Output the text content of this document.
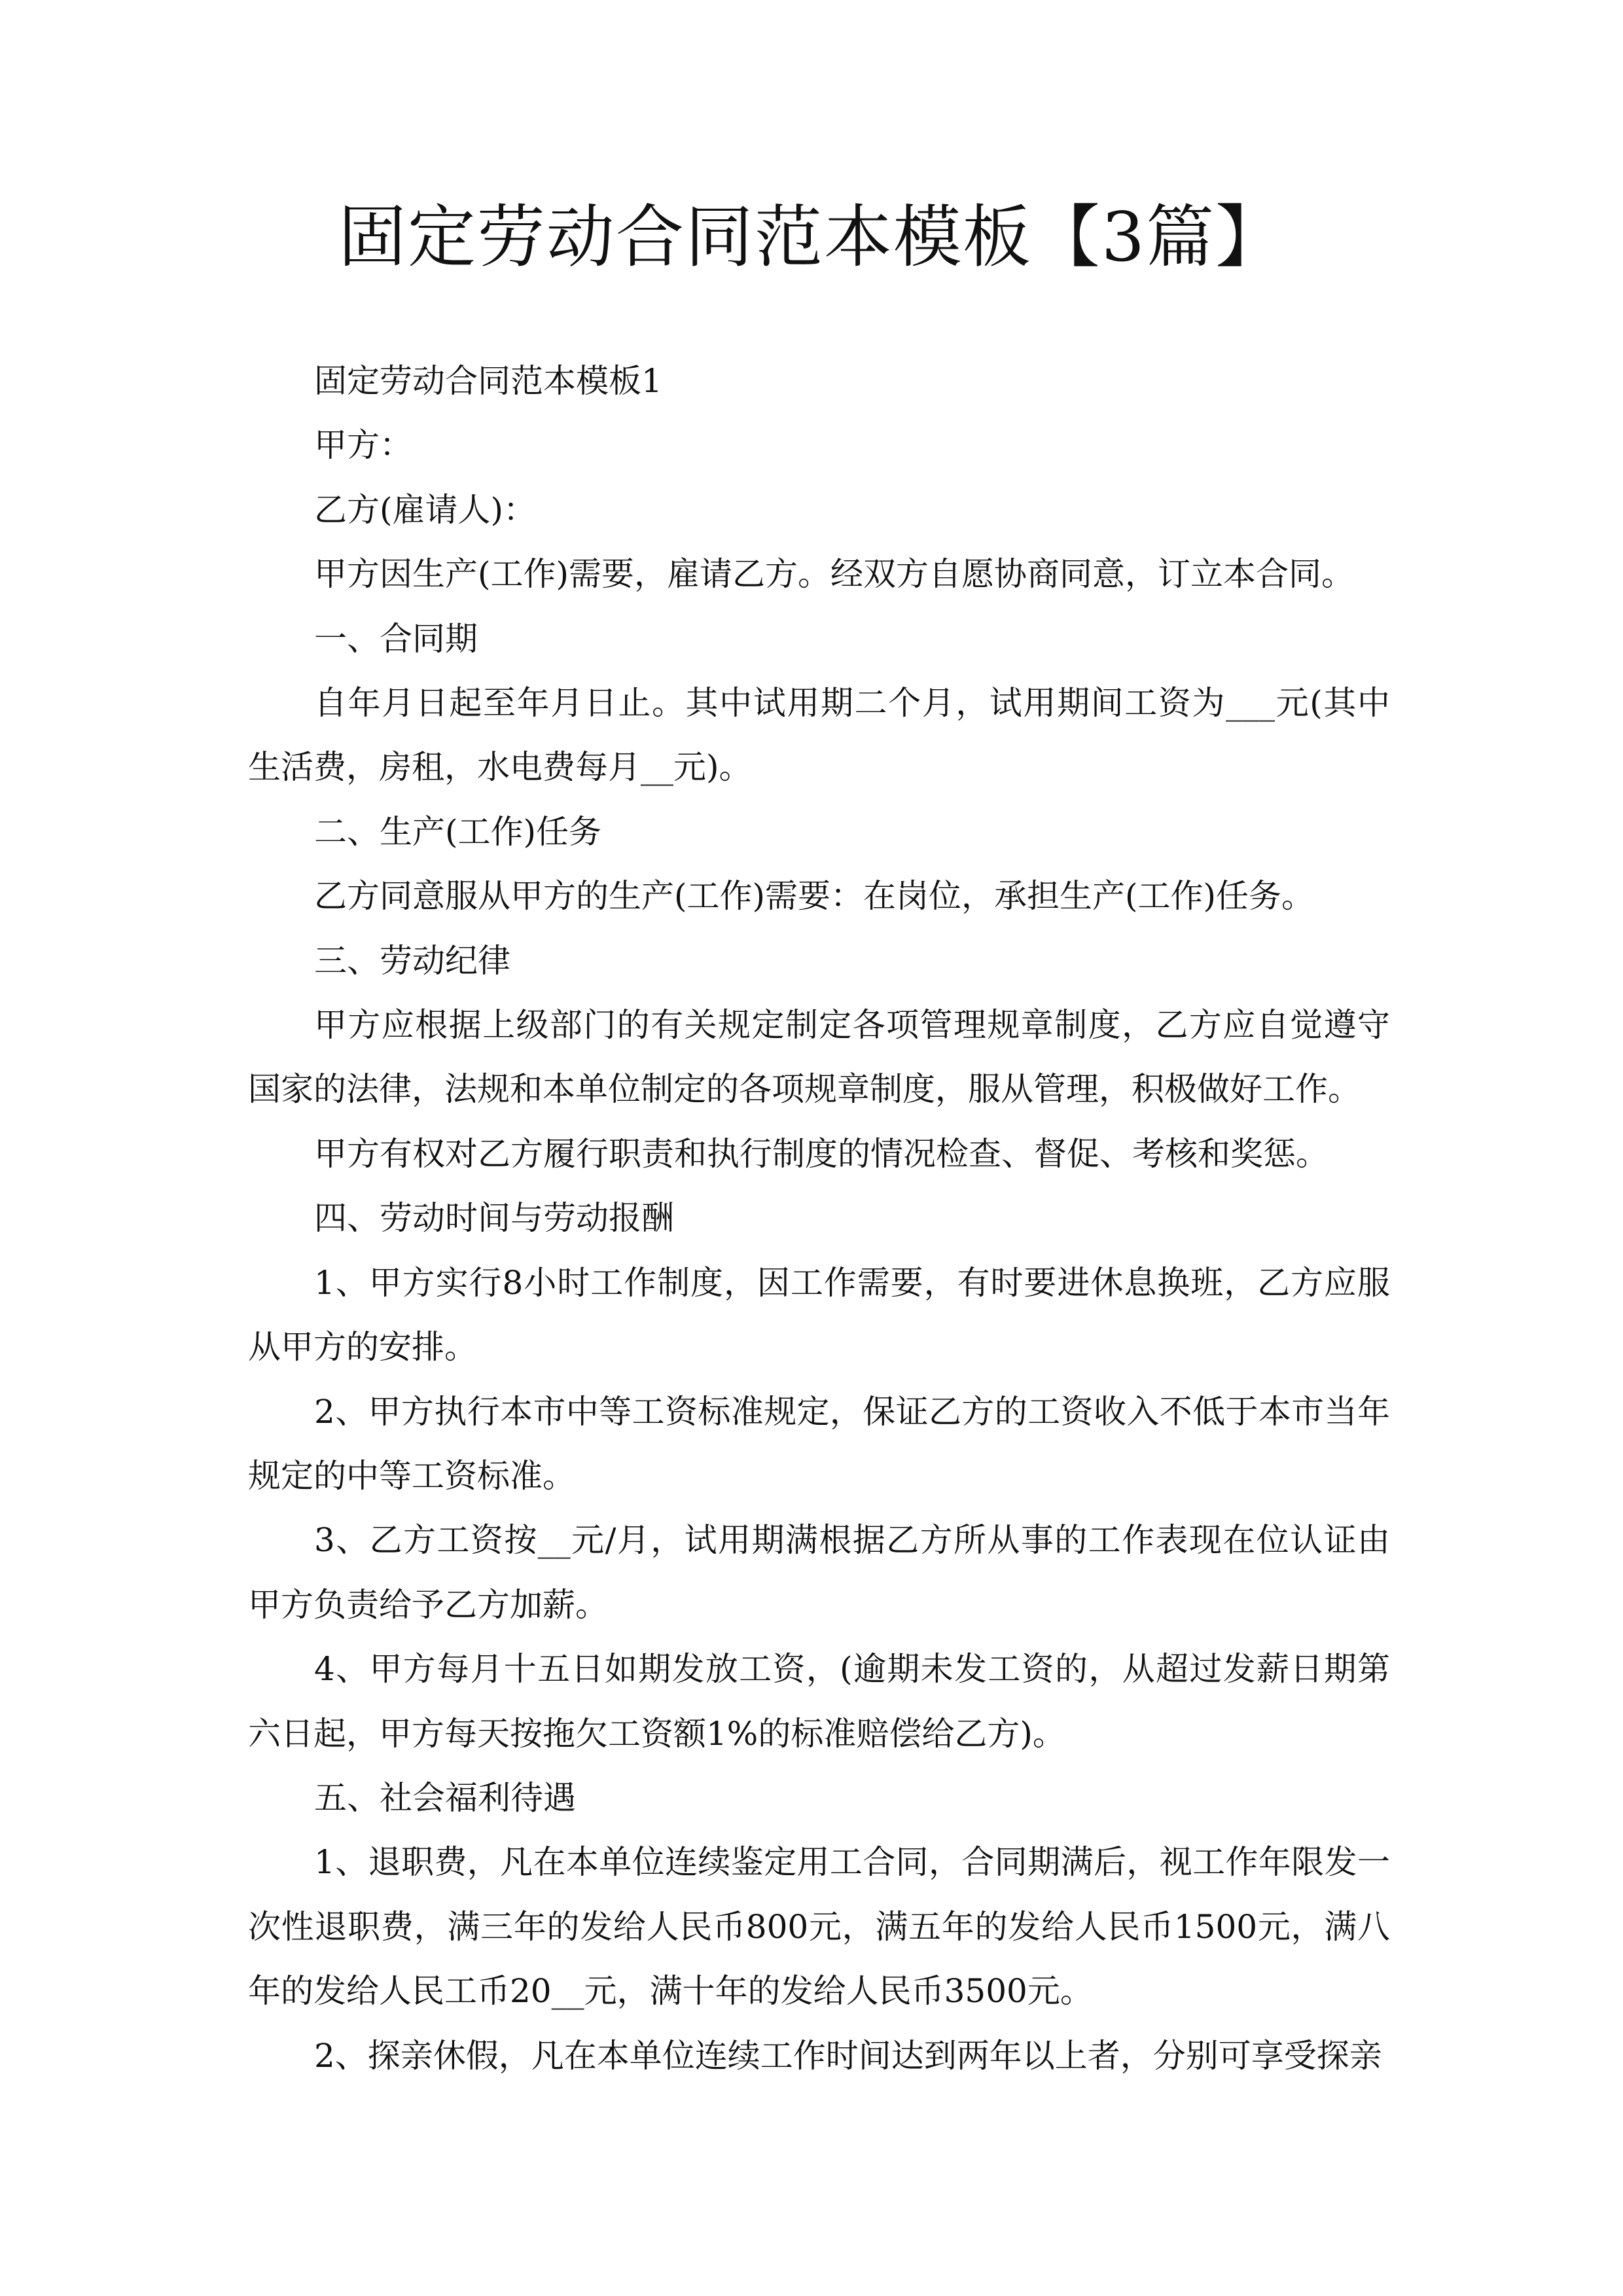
固定劳动合同范本模板【3篇】

固定劳动合同范本模板1

甲方：

乙方(雇请人)：

甲方因生产(工作)需要，雇请乙方。经双方自愿协商同意，订立本合同。

一、合同期

自年月日起至年月日止。其中试用期二个月，试用期间工资为___元(其中生活费，房租，水电费每月__元)。

二、生产(工作)任务

乙方同意服从甲方的生产(工作)需要：在岗位，承担生产(工作)任务。

三、劳动纪律

甲方应根据上级部门的有关规定制定各项管理规章制度，乙方应自觉遵守国家的法律，法规和本单位制定的各项规章制度，服从管理，积极做好工作。

甲方有权对乙方履行职责和执行制度的情况检查、督促、考核和奖惩。

四、劳动时间与劳动报酬

1、甲方实行8小时工作制度，因工作需要，有时要进休息换班，乙方应服从甲方的安排。

2、甲方执行本市中等工资标准规定，保证乙方的工资收入不低于本市当年规定的中等工资标准。

3、乙方工资按__元/月，试用期满根据乙方所从事的工作表现在位认证由甲方负责给予乙方加薪。

4、甲方每月十五日如期发放工资，(逾期未发工资的，从超过发薪日期第六日起，甲方每天按拖欠工资额1%的标准赔偿给乙方)。

五、社会福利待遇

1、退职费，凡在本单位连续鉴定用工合同，合同期满后，视工作年限发一次性退职费，满三年的发给人民币800元，满五年的发给人民币1500元，满八年的发给人民工币20__元，满十年的发给人民币3500元。

2、探亲休假，凡在本单位连续工作时间达到两年以上者，分别可享受探亲
